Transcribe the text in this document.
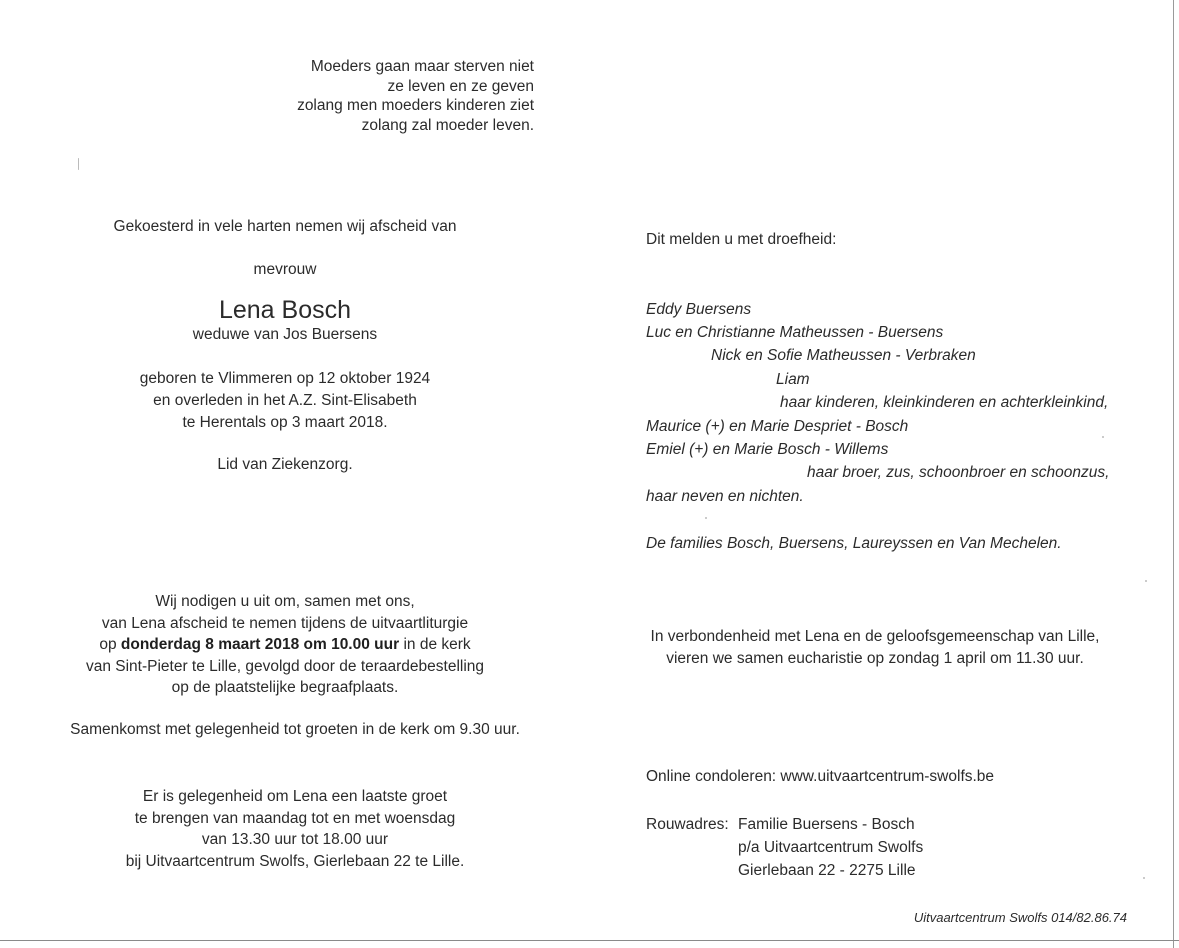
Moeders gaan maar sterven niet
ze leven en ze geven
zolang men moeders kinderen ziet
zolang zal moeder leven.
Gekoesterd in vele harten nemen wij afscheid van
mevrouw
Lena Bosch
weduwe van Jos Buersens
geboren te Vlimmeren op 12 oktober 1924
en overleden in het A.Z. Sint-Elisabeth
te Herentals op 3 maart 2018.
Lid van Ziekenzorg.
Wij nodigen u uit om, samen met ons,
van Lena afscheid te nemen tijdens de uitvaartliturgie
op donderdag 8 maart 2018 om 10.00 uur in de kerk
van Sint-Pieter te Lille, gevolgd door de teraardebestelling
op de plaatstelijke begraafplaats.
Samenkomst met gelegenheid tot groeten in de kerk om 9.30 uur.
Er is gelegenheid om Lena een laatste groet
te brengen van maandag tot en met woensdag
van 13.30 uur tot 18.00 uur
bij Uitvaartcentrum Swolfs, Gierlebaan 22 te Lille.
Dit melden u met droefheid:
Eddy Buersens
Luc en Christianne Matheussen - Buersens
Nick en Sofie Matheussen - Verbraken
Liam
haar kinderen, kleinkinderen en achterkleinkind,
Maurice (+) en Marie Despriet - Bosch
Emiel (+) en Marie Bosch - Willems
haar broer, zus, schoonbroer en schoonzus,
haar neven en nichten.
De families Bosch, Buersens, Laureyssen en Van Mechelen.
In verbondenheid met Lena en de geloofsgemeenschap van Lille,
vieren we samen eucharistie op zondag 1 april om 11.30 uur.
Online condoleren: www.uitvaartcentrum-swolfs.be
Rouwadres: Familie Buersens - Bosch
p/a Uitvaartcentrum Swolfs
Gierlebaan 22 - 2275 Lille
Uitvaartcentrum Swolfs 014/82.86.74
